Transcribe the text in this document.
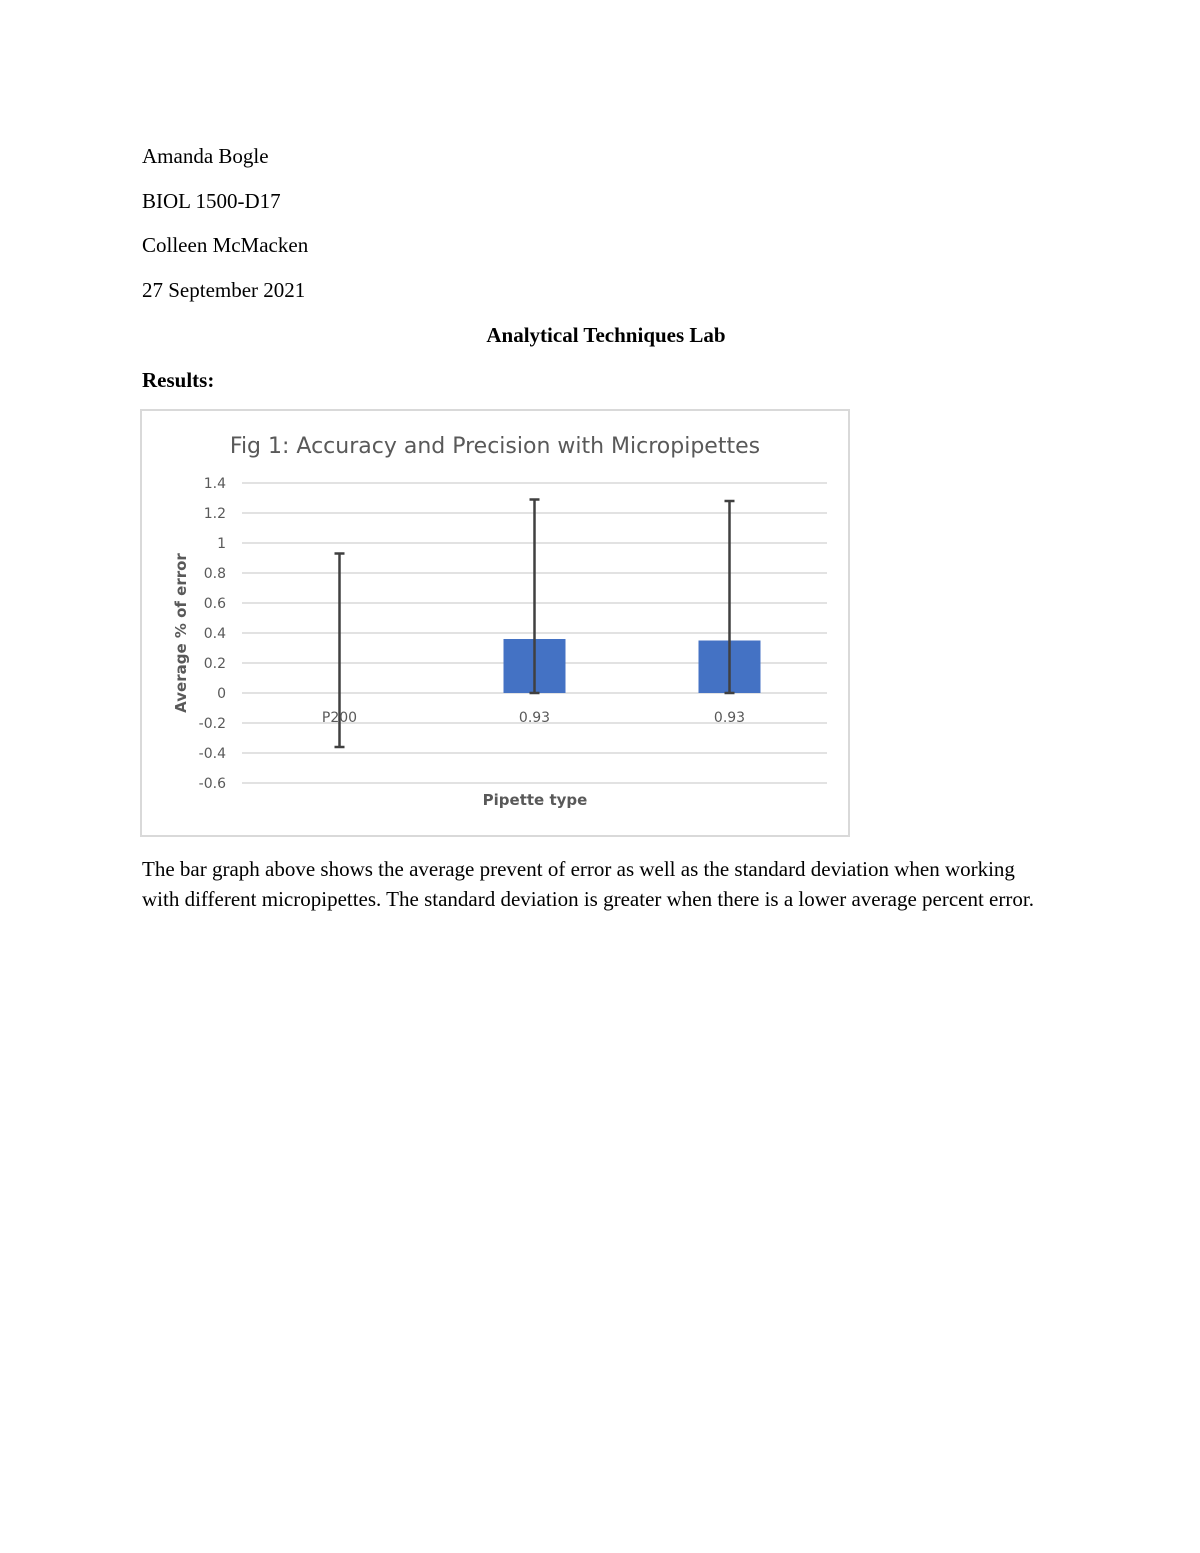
Amanda Bogle
BIOL 1500-D17
Colleen McMacken
27 September 2021
Analytical Techniques Lab
Results:
1.4
1.2
1
0.8
0.6
0.4
0.2
0
-0.2
-0.4
-0.6
P200	0.93	0.93
Fig 1: Accuracy and Precision with Micropipettes
Pipette type
Average % of error
The bar graph above shows the average prevent of error as well as the standard deviation when working with different micropipettes. The standard deviation is greater when there is a lower average percent error.
